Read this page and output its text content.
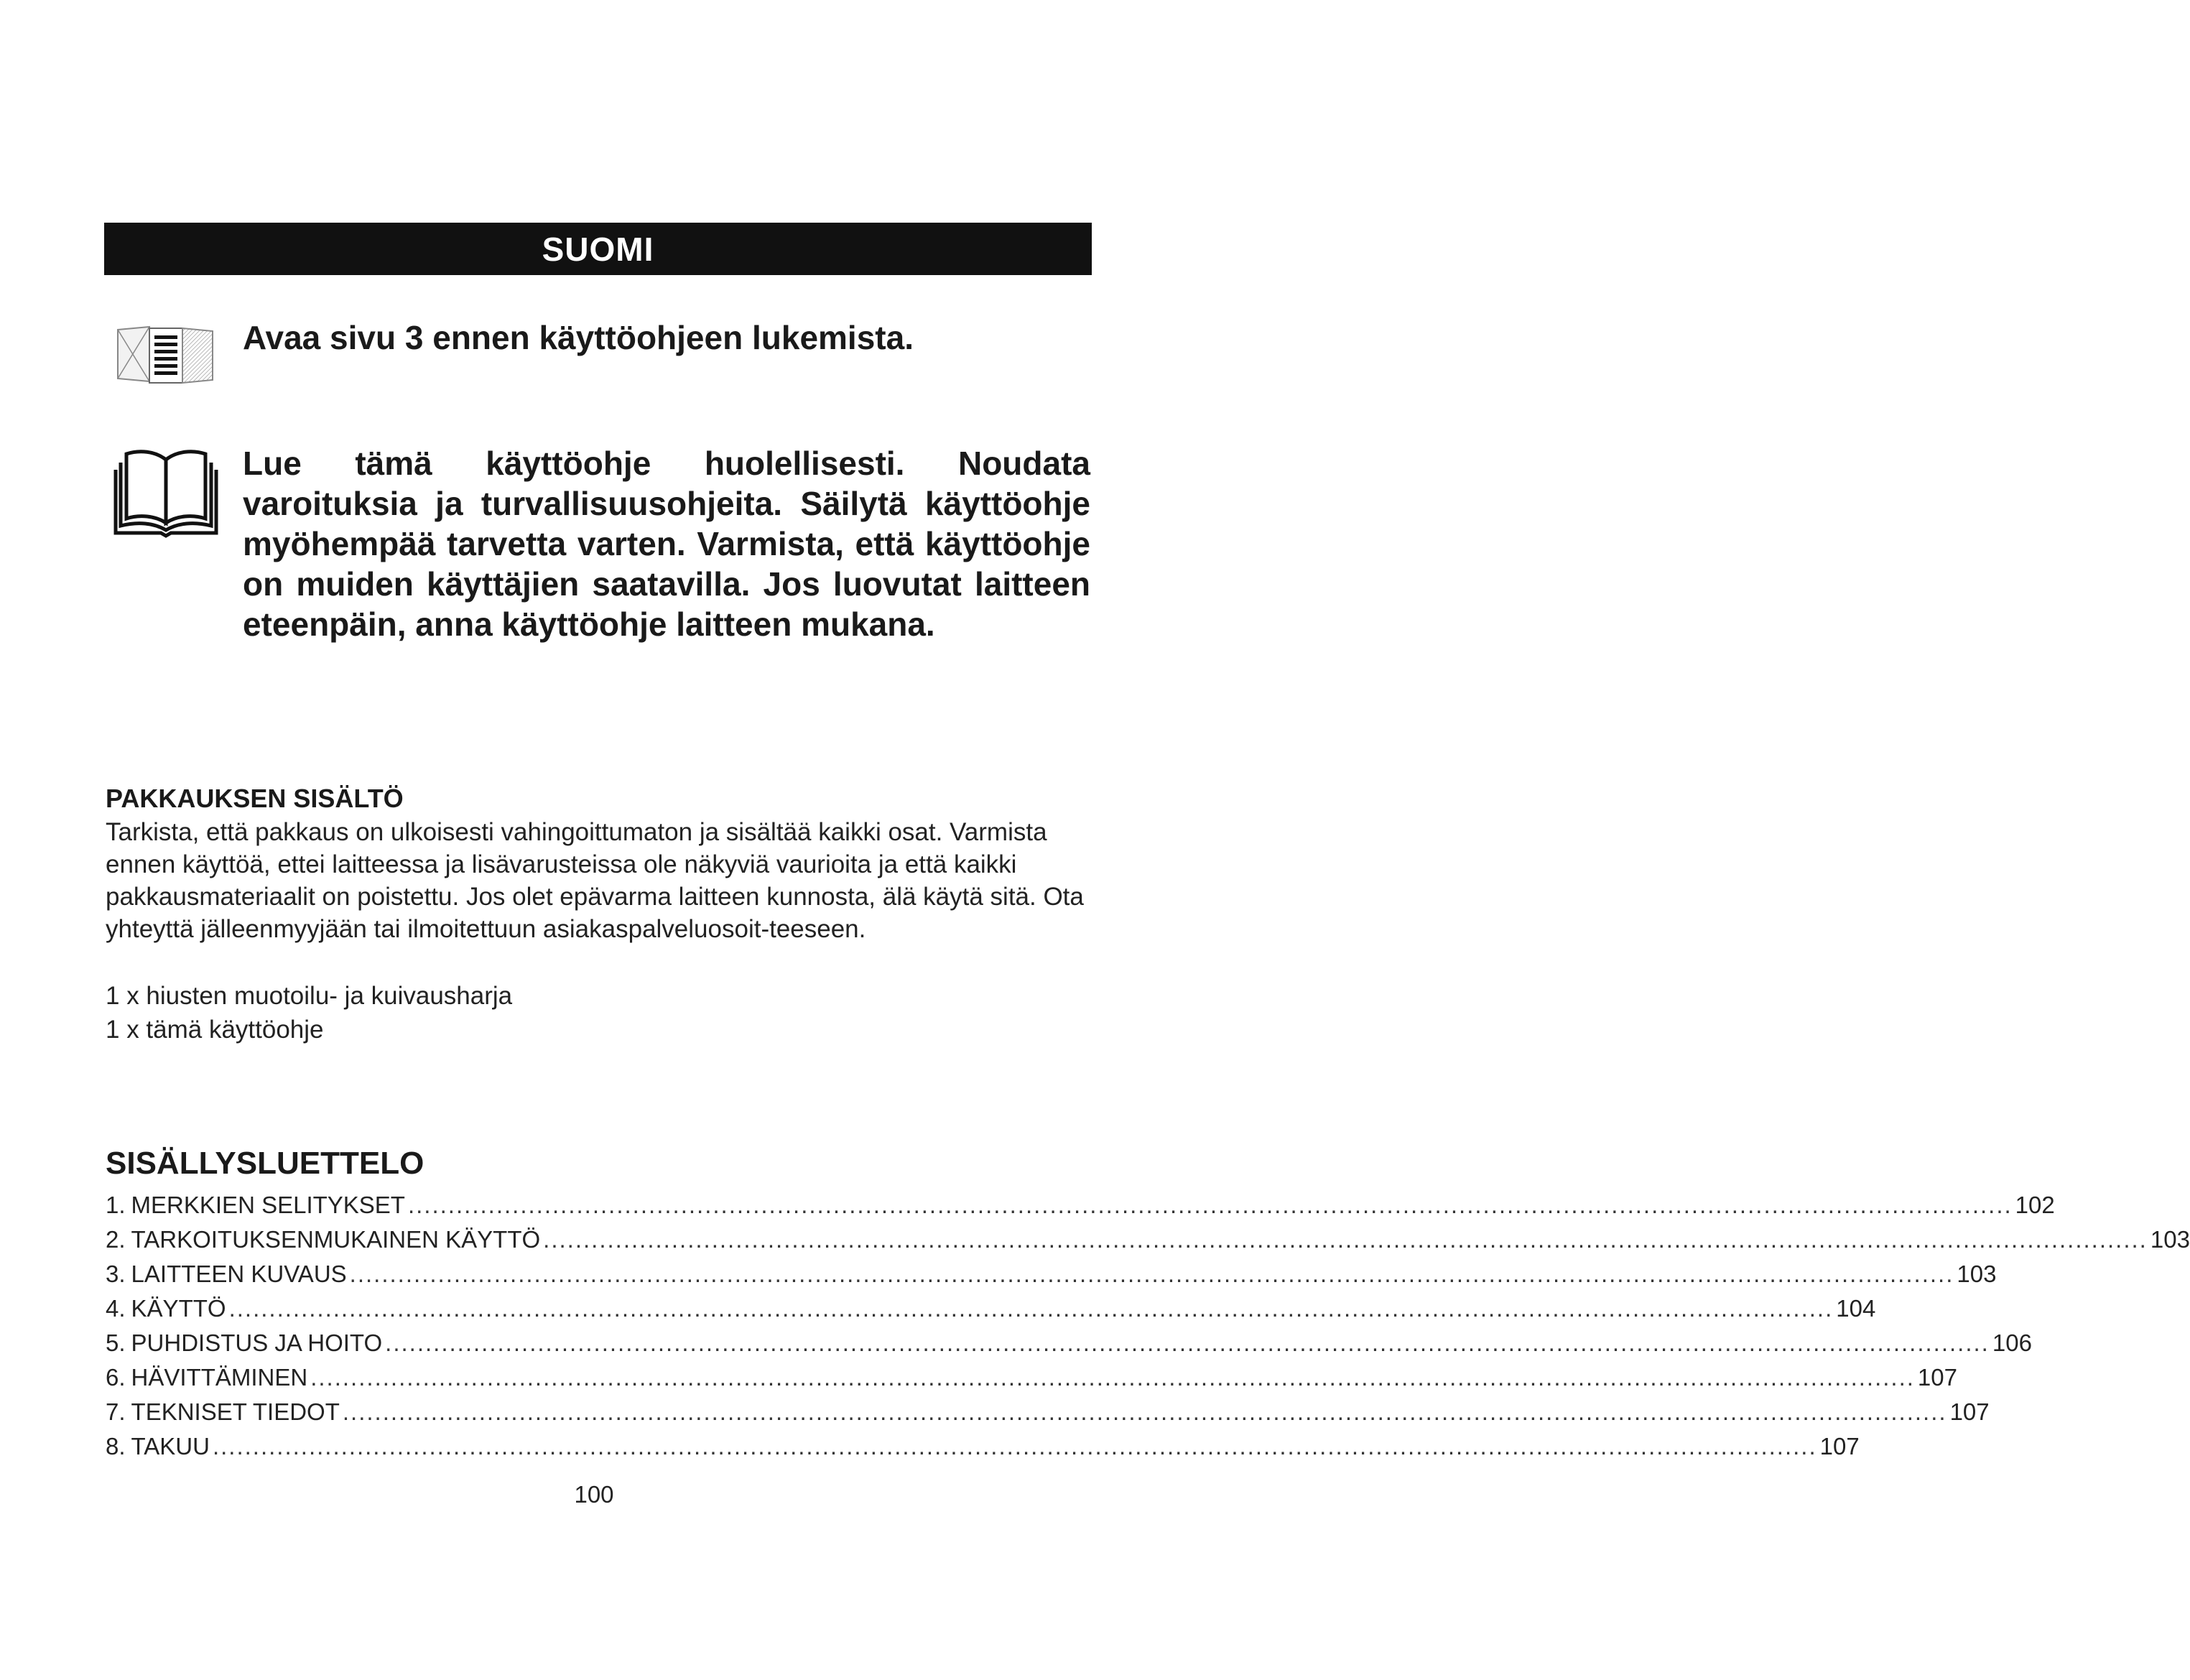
SUOMI
Avaa sivu 3 ennen käyttöohjeen lukemista.
Lue tämä käyttöohje huolellisesti. Noudata varoituksia ja turvallisuusohjeita. Säilytä käyttöohje myöhempää tarvetta varten. Varmista, että käyttöohje on muiden käyttäjien saatavilla. Jos luovutat laitteen eteenpäin, anna käyttöohje laitteen mukana.
PAKKAUKSEN SISÄLTÖ

Tarkista, että pakkaus on ulkoisesti vahingoittumaton ja sisältää kaikki osat. Varmista ennen käyttöä, ettei laitteessa ja lisävarusteissa ole näkyviä vaurioita ja että kaikki pakkausmateriaalit on poistettu. Jos olet epävarma laitteen kunnosta, älä käytä sitä. Ota yhteyttä jälleenmyyjään tai ilmoitettuun asiakaspalveluosoit-teeseen.

1 x hiusten muotoilu- ja kuivausharja
1 x tämä käyttöohje
SISÄLLYSLUETTELO
1. MERKKIEN SELITYKSET ........................................................................................................................................................................................................ 102
2. TARKOITUKSENMUKAINEN KÄYTTÖ ........................................................................................................................................................................................................ 103
3. LAITTEEN KUVAUS ........................................................................................................................................................................................................ 103
4. KÄYTTÖ ........................................................................................................................................................................................................ 104
5. PUHDISTUS JA HOITO ........................................................................................................................................................................................................ 106
6. HÄVITTÄMINEN ........................................................................................................................................................................................................ 107
7. TEKNISET TIEDOT ........................................................................................................................................................................................................ 107
8. TAKUU ........................................................................................................................................................................................................ 107
100
